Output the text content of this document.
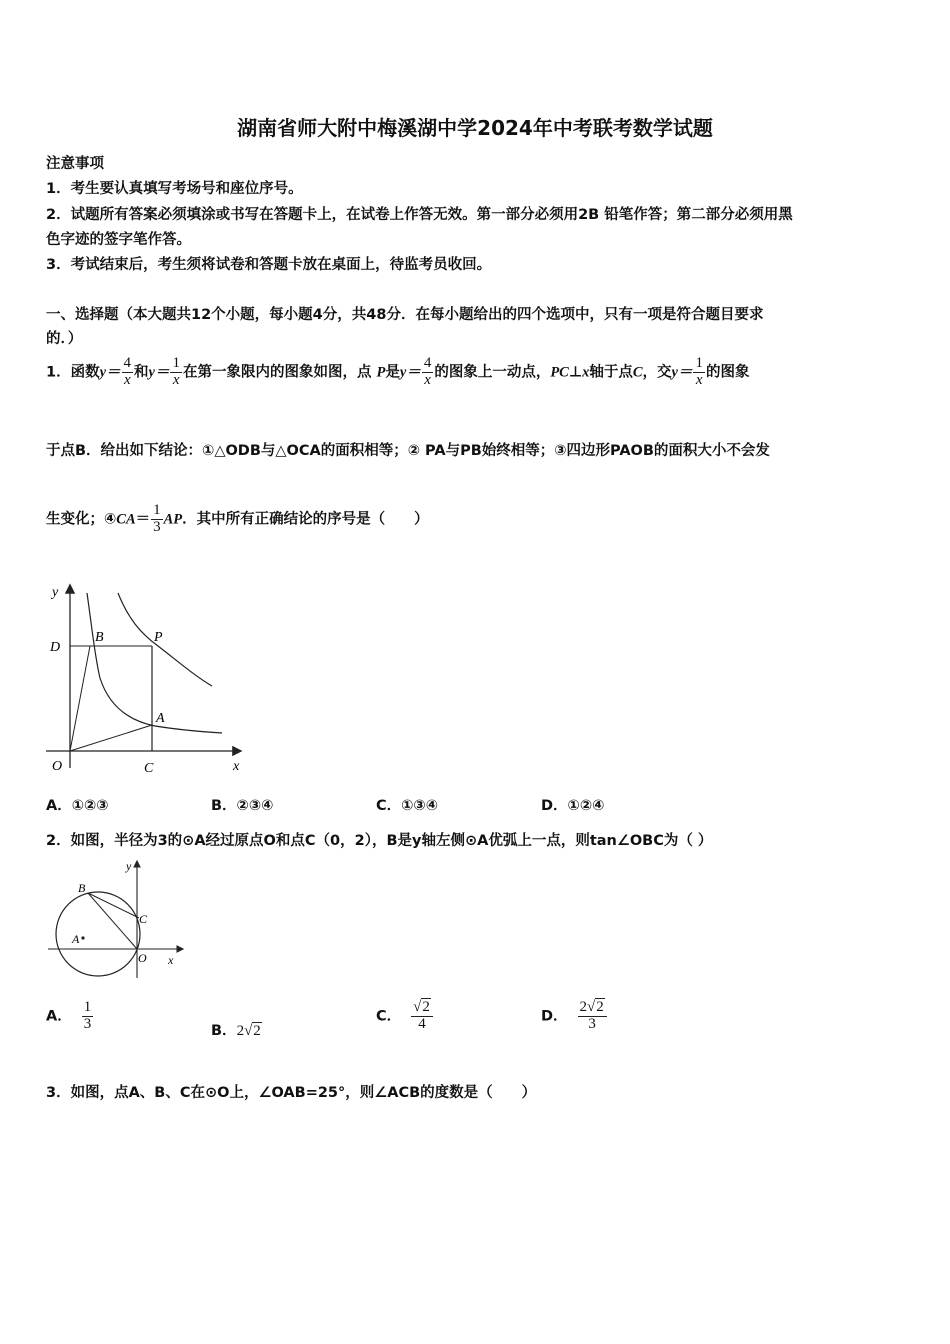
湖南省师大附中梅溪湖中学2024年中考联考数学试题
注意事项
1．考生要认真填写考场号和座位序号。
2．试题所有答案必须填涂或书写在答题卡上，在试卷上作答无效。第一部分必须用2B 铅笔作答；第二部分必须用黑
色字迹的签字笔作答。
3．考试结束后，考生须将试卷和答题卡放在桌面上，待监考员收回。
一、选择题（本大题共12个小题，每小题4分，共48分．在每小题给出的四个选项中，只有一项是符合题目要求
的．）
1．函数$y= \frac{4}{x}$ 和$y= \frac{1}{x}$ 在第一象限内的图象如图，点 P是$y= \frac{4}{x}$ 的图象上一动点，PC⊥x轴于点C，交$y= \frac{1}{x}$ 的图象
于点B．给出如下结论：①△ODB与△OCA的面积相等；② PA与PB始终相等；③四边形PAOB的面积大小不会发
生变化；④CA＝ $\frac{1}{3}$ AP．其中所有正确结论的序号是（　　）
y
x
O
D
B	P
A
C
A．①②③	B．②③④	C．①③④	D．①②④
2．如图，半径为3的⊙A经过原点O和点C（0，2），B是y轴左侧⊙A优弧上一点，则tan∠OBC为（ ）
y
x
O
A
B
C
A． $\frac{1}{3}$	B．2√2
C． $\frac{√2}{4}$	D． $\frac{2√2}{3}$
3．如图，点A、B、C在⊙O上，∠OAB=25°，则∠ACB的度数是（　　）
